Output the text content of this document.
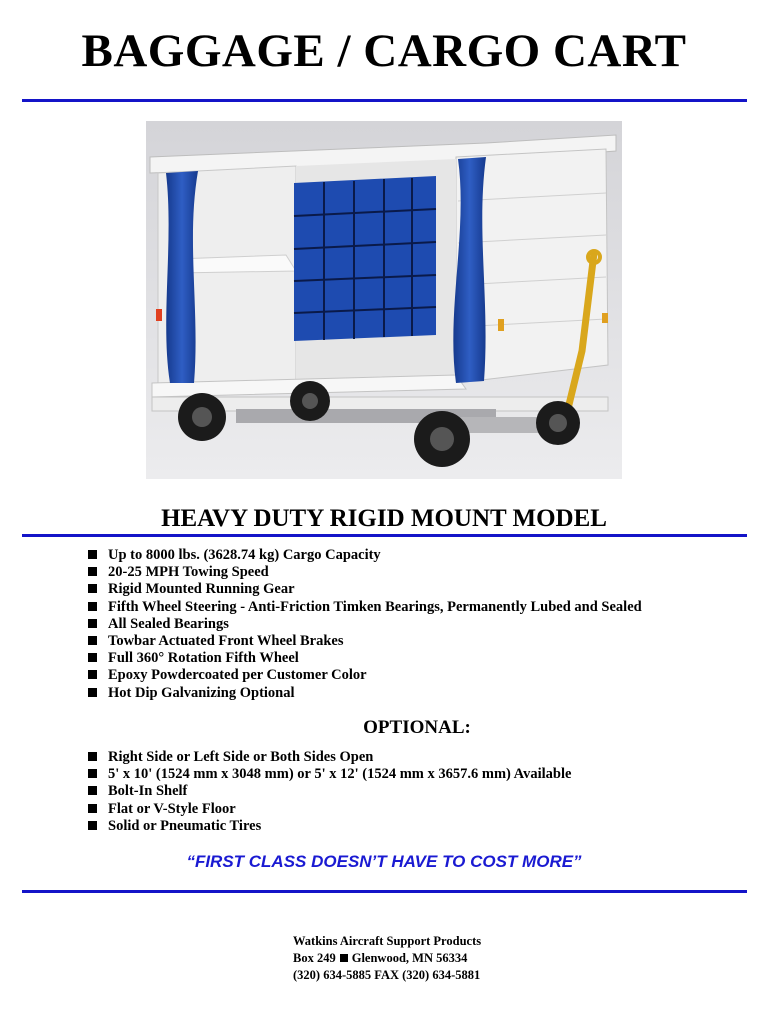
BAGGAGE / CARGO CART
HEAVY DUTY RIGID MOUNT MODEL
Up to 8000 lbs. (3628.74 kg) Cargo Capacity
20-25 MPH Towing Speed
Rigid Mounted Running Gear
Fifth Wheel Steering - Anti-Friction Timken Bearings, Permanently Lubed and Sealed
All Sealed Bearings
Towbar Actuated Front Wheel Brakes
Full 360° Rotation Fifth Wheel
Epoxy Powdercoated per Customer Color
Hot Dip Galvanizing Optional
OPTIONAL:
Right Side or Left Side or Both Sides Open
5' x 10' (1524 mm x 3048 mm) or 5' x 12' (1524 mm x 3657.6 mm) Available
Bolt-In Shelf
Flat or V-Style Floor
Solid or Pneumatic Tires
“FIRST CLASS DOESN’T HAVE TO COST MORE”
Watkins Aircraft Support Products
Box 249 Glenwood, MN 56334
(320) 634-5885 FAX (320) 634-5881
